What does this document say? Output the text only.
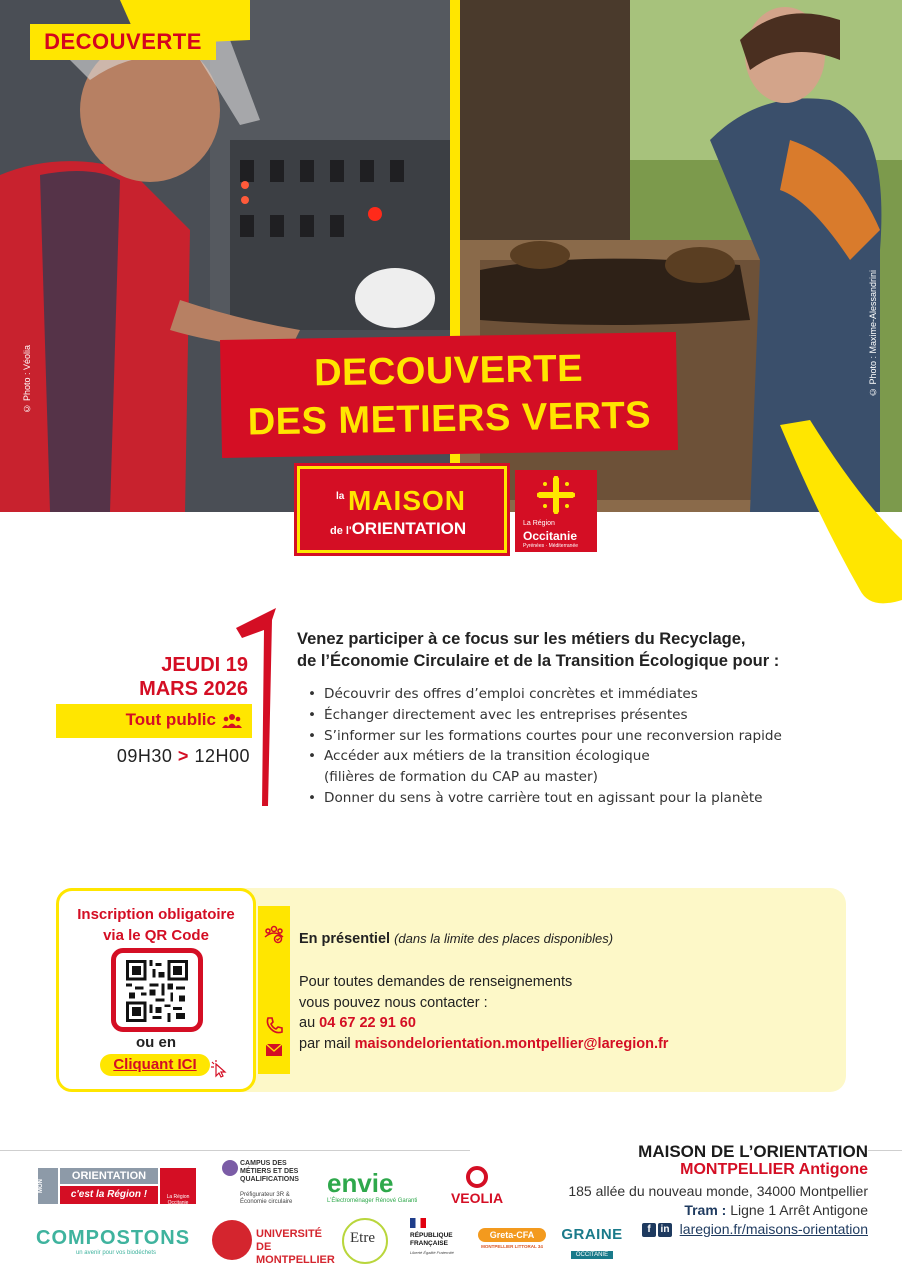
DECOUVERTE
© Photo : Véolia	© Photo : Maxime-Alessandrini
DECOUVERTE
DES METIERS VERTS
la MAISON
de l'ORIENTATION	La Région
Occitanie
Pyrénées · Méditerranée
JEUDI 19
MARS 2026
Tout public
09H30 > 12H00
Venez participer à ce focus sur les métiers du Recyclage,
de l’Économie Circulaire et de la Transition Écologique pour :
• Découvrir des offres d’emploi concrètes et immédiates
• Échanger directement avec les entreprises présentes
• S’informer sur les formations courtes pour une reconversion rapide
• Accéder aux métiers de la transition écologique
(filières de formation du CAP au master)
• Donner du sens à votre carrière tout en agissant pour la planète
Inscription obligatoire
via le QR Code
ou en
Cliquant ICI
En présentiel (dans la limite des places disponibles)
Pour toutes demandes de renseignements
vous pouvez nous contacter :
au 04 67 22 91 60
par mail maisondelorientation.montpellier@laregion.fr
MAISON DE L’ORIENTATION
MONTPELLIER Antigone
185 allée du nouveau monde, 34000 Montpellier
Tram : Ligne 1 Arrêt Antigone
f in laregion.fr/maisons-orientation
MON
ORIENTATION
c'est la Région !	La Région Occitanie
CAMPUS DES MÉTIERS ET DES QUALIFICATIONS
Préfigurateur 3R & Économie circulaire
envie
L’Électroménager Rénové Garanti	VEOLIA
COMPOSTONS
un avenir pour vos biodéchets
UNIVERSITÉ DE
MONTPELLIER
Etre	RÉPUBLIQUE
FRANÇAISE
Liberté Égalité Fraternité
Greta-CFA
MONTPELLIER LITTORAL 34
GRAINE
OCCITANIE
